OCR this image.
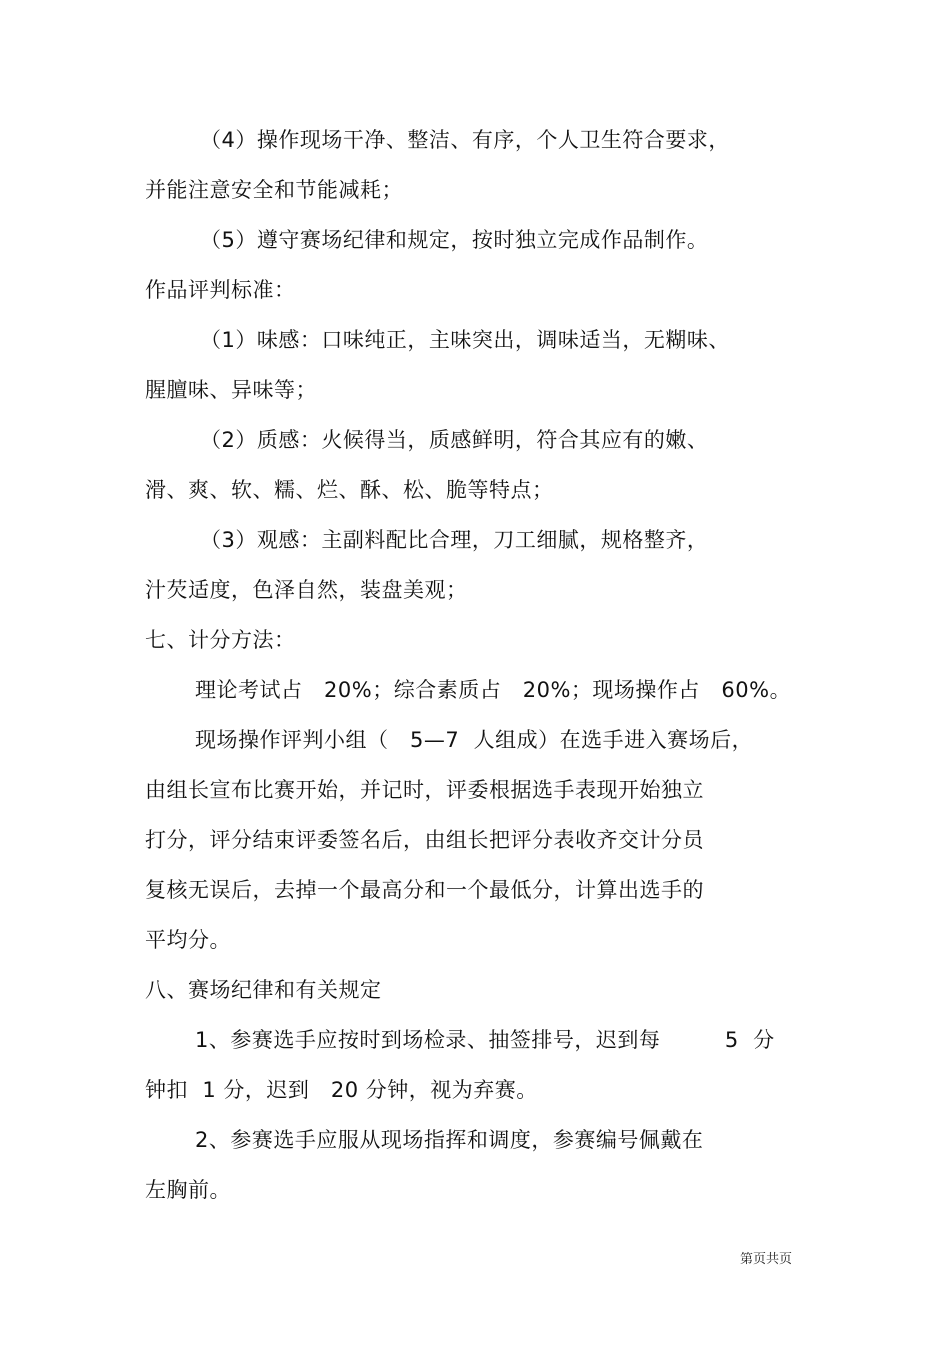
（4）操作现场干净、整洁、有序，个人卫生符合要求，
并能注意安全和节能减耗；
（5）遵守赛场纪律和规定，按时独立完成作品制作。
作品评判标准：
（1）味感：口味纯正，主味突出，调味适当，无糊味、
腥膻味、异味等；
（2）质感：火候得当，质感鲜明，符合其应有的嫩、
滑、爽、软、糯、烂、酥、松、脆等特点；
（3）观感：主副料配比合理，刀工细腻，规格整齐，
汁芡适度，色泽自然，装盘美观；
七、计分方法：
理论考试占   20%；综合素质占   20%；现场操作占   60%。
现场操作评判小组（   5—7  人组成）在选手进入赛场后，
由组长宣布比赛开始，并记时，评委根据选手表现开始独立
打分，评分结束评委签名后，由组长把评分表收齐交计分员
复核无误后，去掉一个最高分和一个最低分，计算出选手的
平均分。
八、赛场纪律和有关规定
1、参赛选手应按时到场检录、抽签排号，迟到每         5  分
钟扣  1 分，迟到   20 分钟，视为弃赛。
2、参赛选手应服从现场指挥和调度，参赛编号佩戴在
左胸前。
第页共页
